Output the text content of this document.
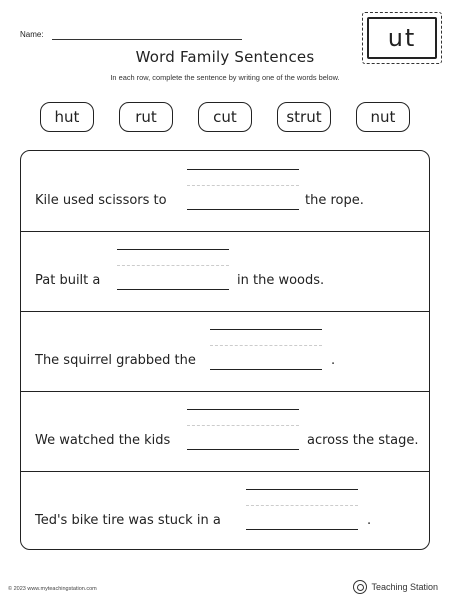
Name:	ut
Word Family Sentences
In each row, complete the sentence by writing one of the words below.
hut	rut	cut	strut	nut
Kile used scissors to	the rope.
Pat built a	in the woods.
The squirrel grabbed the	.
We watched the kids	across the stage.
Ted's bike tire was stuck in a	.
© 2023 www.myteachingstation.com	Teaching Station
